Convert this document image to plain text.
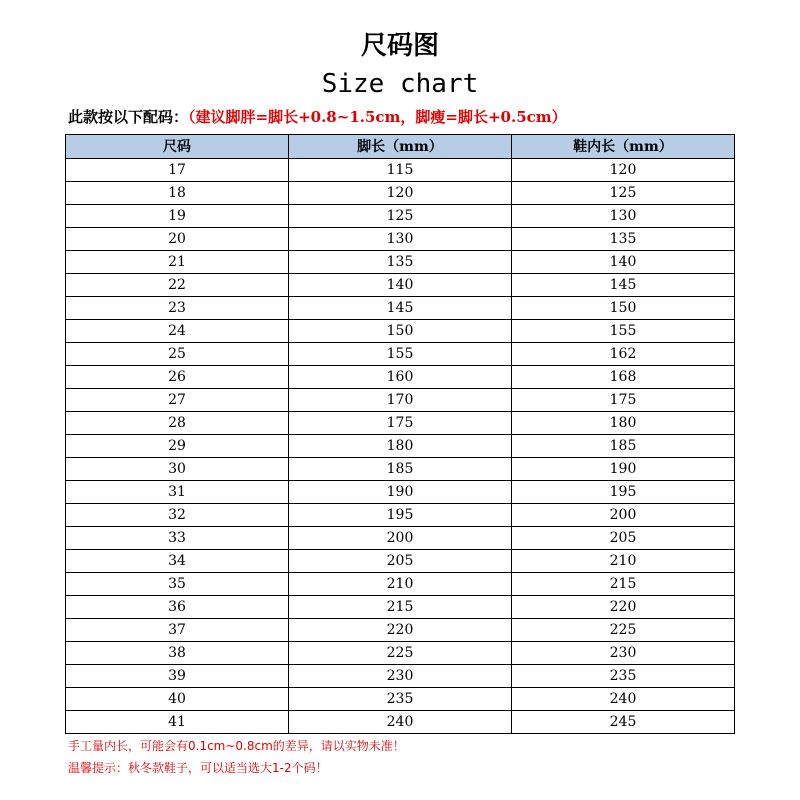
尺码图
Size chart
此款按以下配码：（建议脚胖=脚长+0.8~1.5cm，脚瘦=脚长+0.5cm）
尺码	脚长（mm）	鞋内长（mm）
17	115	120
18	120	125
19	125	130
20	130	135
21	135	140
22	140	145
23	145	150
24	150	155
25	155	162
26	160	168
27	170	175
28	175	180
29	180	185
30	185	190
31	190	195
32	195	200
33	200	205
34	205	210
35	210	215
36	215	220
37	220	225
38	225	230
39	230	235
40	235	240
41	240	245
手工量内长，可能会有0.1cm~0.8cm的差异，请以实物未准！
温馨提示：秋冬款鞋子，可以适当选大1-2个码！
